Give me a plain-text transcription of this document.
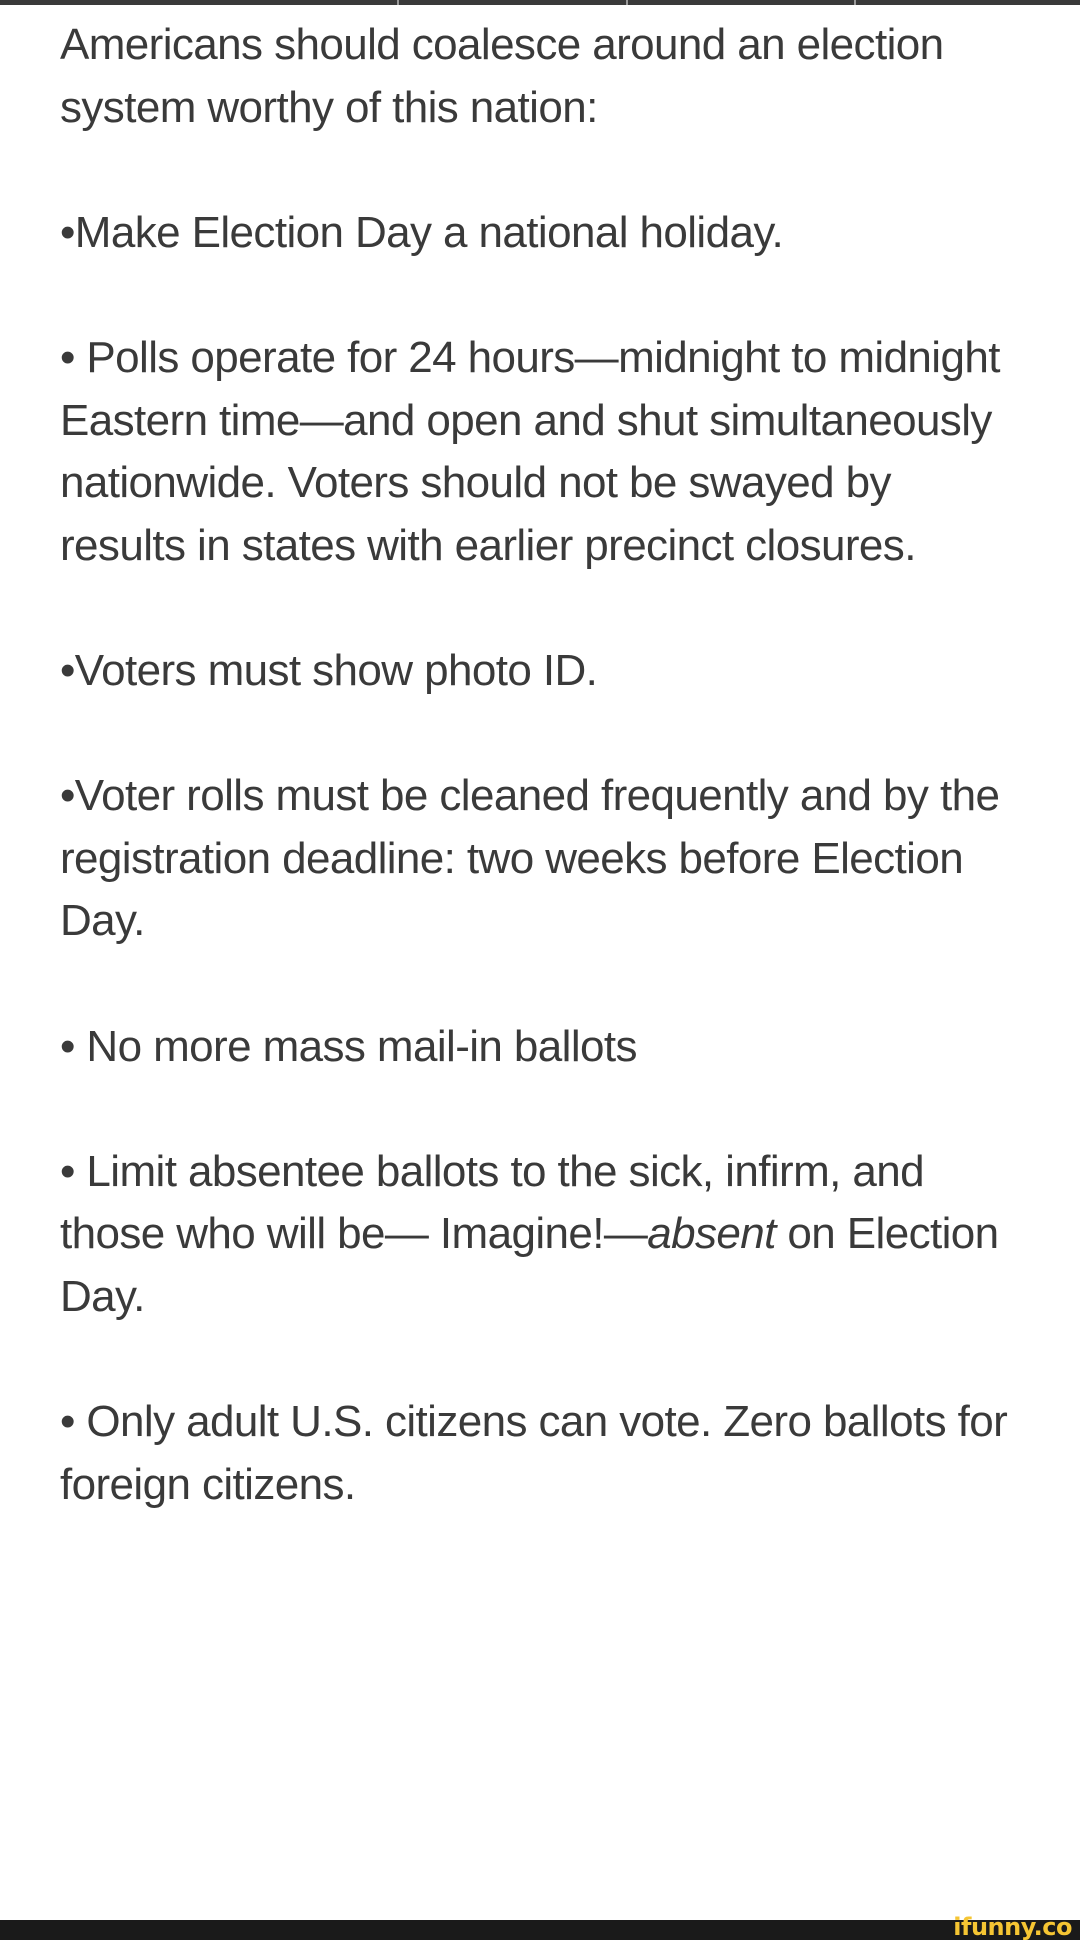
Americans should coalesce around an election system worthy of this nation:

•Make Election Day a national holiday.

• Polls operate for 24 hours—midnight to midnight Eastern time—and open and shut simultaneously nationwide. Voters should not be swayed by results in states with earlier precinct closures.

•Voters must show photo ID.

•Voter rolls must be cleaned frequently and by the registration deadline: two weeks before Election Day.

• No more mass mail-in ballots

• Limit absentee ballots to the sick, infirm, and those who will be— Imagine!—absent on Election Day.

• Only adult U.S. citizens can vote. Zero ballots for foreign citizens.

ifunny.co
